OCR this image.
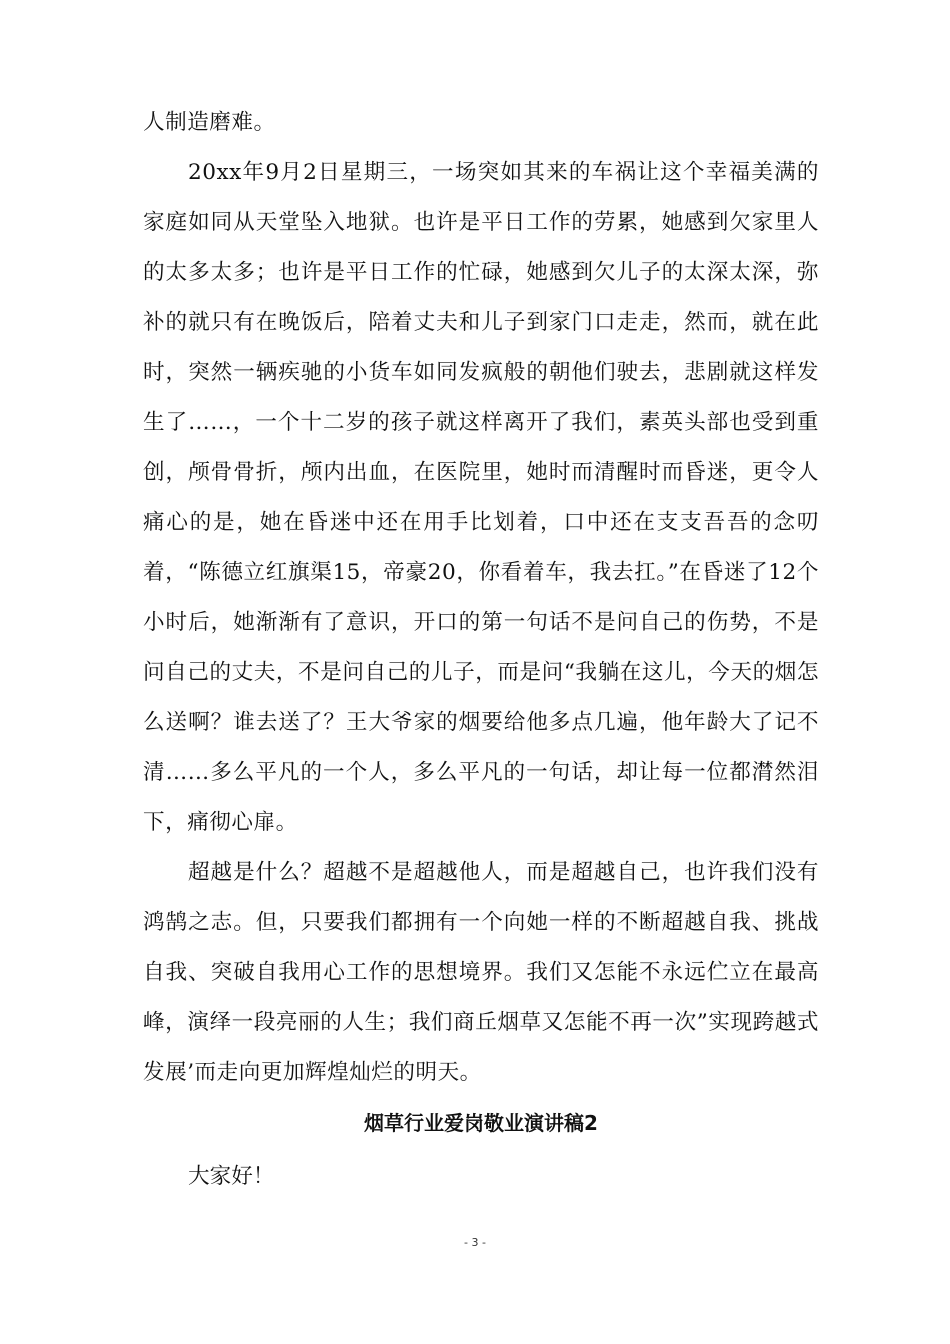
人制造磨难。
20xx年9月2日星期三，一场突如其来的车祸让这个幸福美满的家庭如同从天堂坠入地狱。也许是平日工作的劳累，她感到欠家里人的太多太多；也许是平日工作的忙碌，她感到欠儿子的太深太深，弥补的就只有在晚饭后，陪着丈夫和儿子到家门口走走，然而，就在此时，突然一辆疾驰的小货车如同发疯般的朝他们驶去，悲剧就这样发生了……，一个十二岁的孩子就这样离开了我们，素英头部也受到重创，颅骨骨折，颅内出血，在医院里，她时而清醒时而昏迷，更令人痛心的是，她在昏迷中还在用手比划着，口中还在支支吾吾的念叨着，“陈德立红旗渠15，帝豪20，你看着车，我去扛。”在昏迷了12个小时后，她渐渐有了意识，开口的第一句话不是问自己的伤势，不是问自己的丈夫，不是问自己的儿子，而是问“我躺在这儿，今天的烟怎么送啊？谁去送了？王大爷家的烟要给他多点几遍，他年龄大了记不清……多么平凡的一个人，多么平凡的一句话，却让每一位都潸然泪下，痛彻心扉。
超越是什么？超越不是超越他人，而是超越自己，也许我们没有鸿鹄之志。但，只要我们都拥有一个向她一样的不断超越自我、挑战自我、突破自我用心工作的思想境界。我们又怎能不永远伫立在最高峰，演绎一段亮丽的人生；我们商丘烟草又怎能不再一次”实现跨越式发展’而走向更加辉煌灿烂的明天。
烟草行业爱岗敬业演讲稿2
大家好！
- 3 -
